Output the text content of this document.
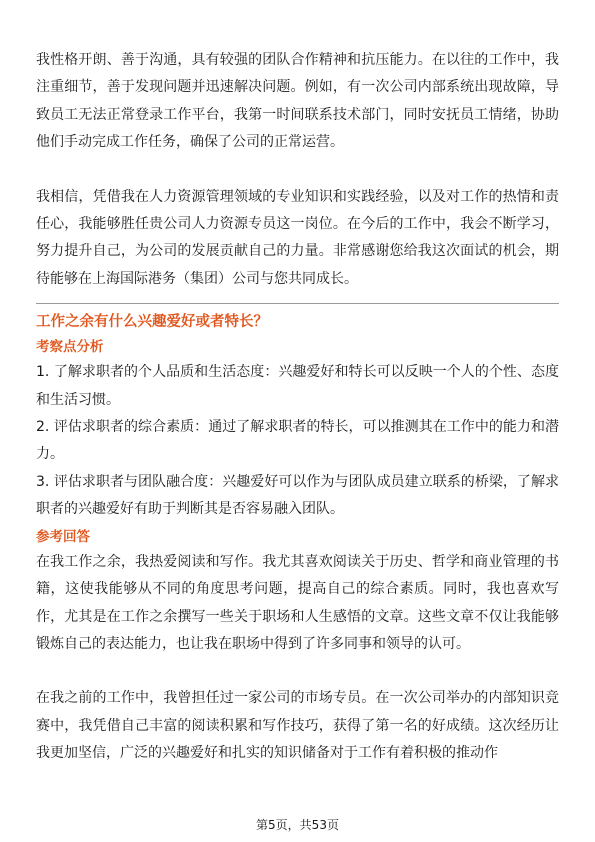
我性格开朗、善于沟通，具有较强的团队合作精神和抗压能力。在以往的工作中，我注重细节，善于发现问题并迅速解决问题。例如，有一次公司内部系统出现故障，导致员工无法正常登录工作平台，我第一时间联系技术部门，同时安抚员工情绪，协助他们手动完成工作任务，确保了公司的正常运营。

我相信，凭借我在人力资源管理领域的专业知识和实践经验，以及对工作的热情和责任心，我能够胜任贵公司人力资源专员这一岗位。在今后的工作中，我会不断学习，努力提升自己，为公司的发展贡献自己的力量。非常感谢您给我这次面试的机会，期待能够在上海国际港务（集团）公司与您共同成长。

工作之余有什么兴趣爱好或者特长？

考察点分析

1. 了解求职者的个人品质和生活态度：兴趣爱好和特长可以反映一个人的个性、态度和生活习惯。

2. 评估求职者的综合素质：通过了解求职者的特长，可以推测其在工作中的能力和潜力。

3. 评估求职者与团队融合度：兴趣爱好可以作为与团队成员建立联系的桥梁，了解求职者的兴趣爱好有助于判断其是否容易融入团队。

参考回答

在我工作之余，我热爱阅读和写作。我尤其喜欢阅读关于历史、哲学和商业管理的书籍，这使我能够从不同的角度思考问题，提高自己的综合素质。同时，我也喜欢写作，尤其是在工作之余撰写一些关于职场和人生感悟的文章。这些文章不仅让我能够锻炼自己的表达能力，也让我在职场中得到了许多同事和领导的认可。

在我之前的工作中，我曾担任过一家公司的市场专员。在一次公司举办的内部知识竞赛中，我凭借自己丰富的阅读积累和写作技巧，获得了第一名的好成绩。这次经历让我更加坚信，广泛的兴趣爱好和扎实的知识储备对于工作有着积极的推动作

第5页，共53页
